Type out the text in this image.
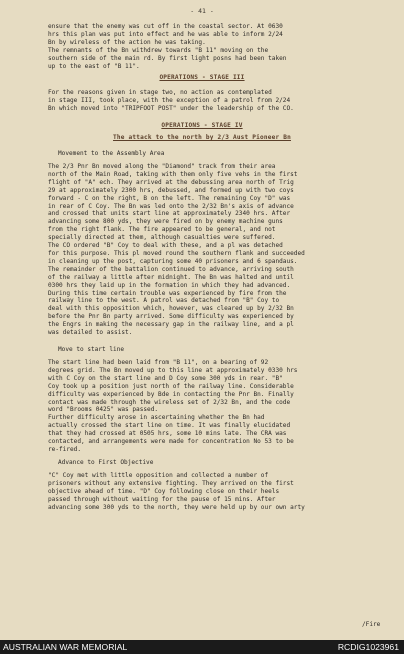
- 41 -

ensure that the enemy was cut off in the coastal sector. At 0630
hrs this plan was put into effect and he was able to inform 2/24
Bn by wireless of the action he was taking.
The remnants of the Bn withdrew towards "B 11" moving on the
southern side of the main rd. By first light posns had been taken
up to the east of "B 11".

OPERATIONS - STAGE III

For the reasons given in stage two, no action as contemplated
in stage III, took place, with the exception of a patrol from 2/24
Bn which moved into "TRIPFOOT POST" under the leadership of the CO.

OPERATIONS - STAGE IV
The attack to the north by 2/3 Aust Pioneer Bn
Movement to the Assembly Area

The 2/3 Pnr Bn moved along the "Diamond" track from their area
north of the Main Road, taking with them only five vehs in the first
flight of "A" ech. They arrived at the debussing area north of Trig
29 at approximately 2300 hrs, debussed, and formed up with two coys
forward - C on the right, B on the left. The remaining Coy "D" was
in rear of C Coy. The Bn was led onto the 2/32 Bn's axis of advance
and crossed that units start line at approximately 2340 hrs. After
advancing some 800 yds, they were fired on by enemy machine guns
from the right flank. The fire appeared to be general, and not
specially directed at them, although casualties were suffered.
The CO ordered "B" Coy to deal with these, and a pl was detached
for this purpose. This pl moved round the southern flank and succeeded
in cleaning up the post, capturing some 40 prisoners and 6 spandaus.
The remainder of the battalion continued to advance, arriving south
of the railway a little after midnight. The Bn was halted and until
0300 hrs they laid up in the formation in which they had advanced.
During this time certain trouble was experienced by fire from the
railway line to the west. A patrol was detached from "B" Coy to
deal with this opposition which, however, was cleared up by 2/32 Bn
before the Pnr Bn party arrived. Some difficulty was experienced by
the Engrs in making the necessary gap in the railway line, and a pl
was detailed to assist.

Move to start line

The start line had been laid from "B 11", on a bearing of 92
degrees grid. The Bn moved up to this line at approximately 0330 hrs
with C Coy on the start line and D Coy some 300 yds in rear. "B"
Coy took up a position just north of the railway line. Considerable
difficulty was experienced by Bde in contacting the Pnr Bn. Finally
contact was made through the wireless set of 2/32 Bn, and the code
word "Brooms 0425" was passed.
Further difficulty arose in ascertaining whether the Bn had
actually crossed the start line on time. It was finally elucidated
that they had crossed at 0505 hrs, some 10 mins late. The CRA was
contacted, and arrangements were made for concentration No 53 to be
re-fired.

Advance to First Objective

"C" Coy met with little opposition and collected a number of
prisoners without any extensive fighting. They arrived on the first
objective ahead of time. "D" Coy following close on their heels
passed through without waiting for the pause of 15 mins. After
advancing some 300 yds to the north, they were held up by our own arty

/Fire
AUSTRALIAN WAR MEMORIAL	RCDIG1023961
